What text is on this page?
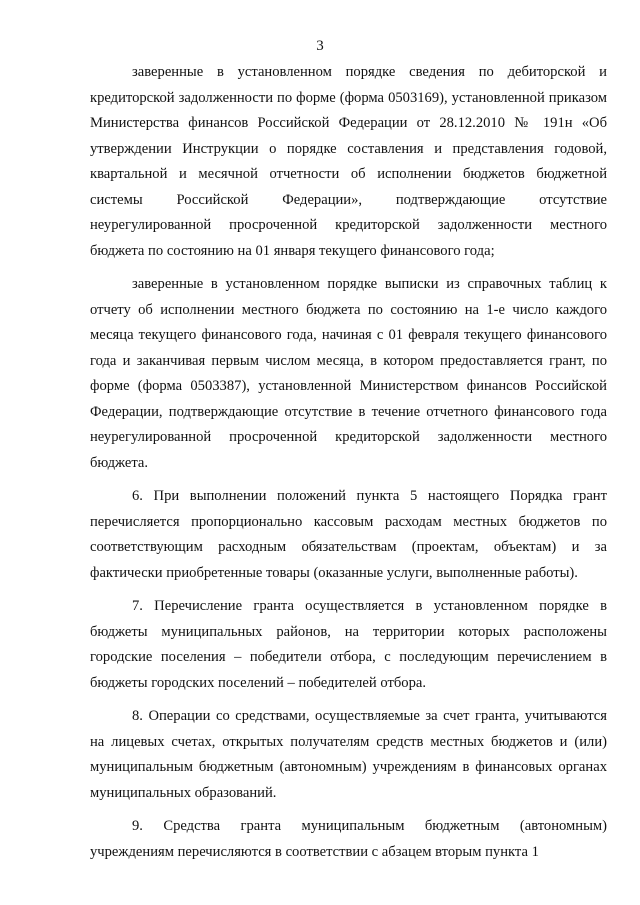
3

заверенные в установленном порядке сведения по дебиторской и кредиторской задолженности по форме (форма 0503169), установленной приказом Министерства финансов Российской Федерации от 28.12.2010 № 191н «Об утверждении Инструкции о порядке составления и представления годовой, квартальной и месячной отчетности об исполнении бюджетов бюджетной системы Российской Федерации», подтверждающие отсутствие неурегулированной просроченной кредиторской задолженности местного бюджета по состоянию на 01 января текущего финансового года;

заверенные в установленном порядке выписки из справочных таблиц к отчету об исполнении местного бюджета по состоянию на 1-е число каждого месяца текущего финансового года, начиная с 01 февраля текущего финансового года и заканчивая первым числом месяца, в котором предоставляется грант, по форме (форма 0503387), установленной Министерством финансов Российской Федерации, подтверждающие отсутствие в течение отчетного финансового года неурегулированной просроченной кредиторской задолженности местного бюджета.

6. При выполнении положений пункта 5 настоящего Порядка грант перечисляется пропорционально кассовым расходам местных бюджетов по соответствующим расходным обязательствам (проектам, объектам) и за фактически приобретенные товары (оказанные услуги, выполненные работы).

7. Перечисление гранта осуществляется в установленном порядке в бюджеты муниципальных районов, на территории которых расположены городские поселения – победители отбора, с последующим перечислением в бюджеты городских поселений – победителей отбора.

8. Операции со средствами, осуществляемые за счет гранта, учитываются на лицевых счетах, открытых получателям средств местных бюджетов и (или) муниципальным бюджетным (автономным) учреждениям в финансовых органах муниципальных образований.

9. Средства гранта муниципальным бюджетным (автономным) учреждениям перечисляются в соответствии с абзацем вторым пункта 1
